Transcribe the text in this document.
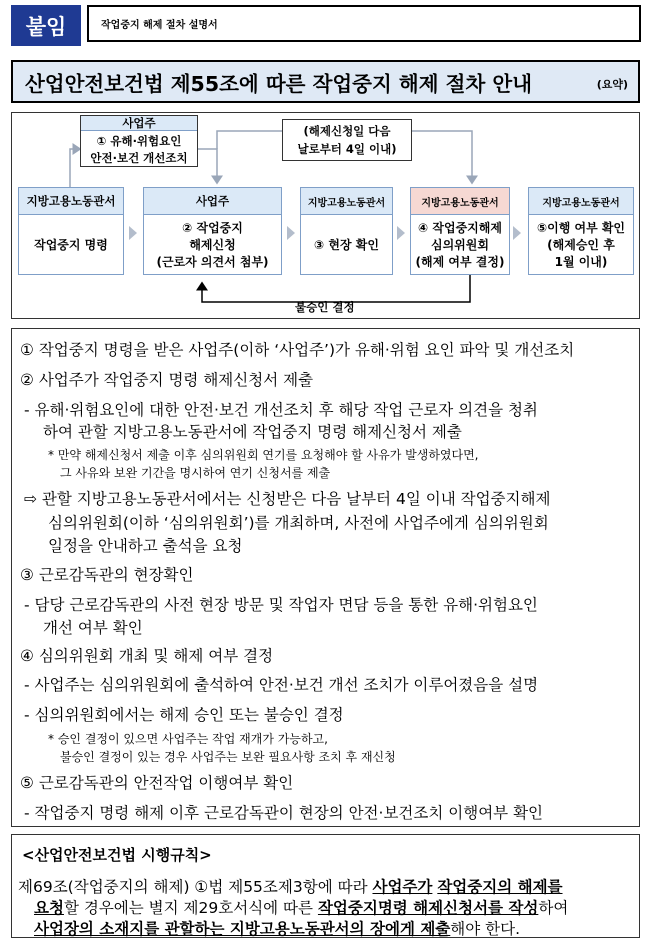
붙임	작업중지 해제 절차 설명서
산업안전보건법 제55조에 따른 작업중지 해제 절차 안내	(요약)
사업주
① 유해·위험요인
안전·보건 개선조치
(해제신청일 다음
날로부터 4일 이내)
지방고용노동관서
작업중지 명령
사업주
② 작업중지
해제신청
(근로자 의견서 첨부)
지방고용노동관서
③ 현장 확인
지방고용노동관서
④ 작업중지해제
심의위원회
(해제 여부 결정)
지방고용노동관서
⑤이행 여부 확인
(해제승인 후
1월 이내)
불승인 결정
① 작업중지 명령을 받은 사업주(이하 ‘사업주’)가 유해·위험 요인 파악 및 개선조치
② 사업주가 작업중지 명령 해제신청서 제출
- 유해·위험요인에 대한 안전·보건 개선조치 후 해당 작업 근로자 의견을 청취
하여 관할 지방고용노동관서에 작업중지 명령 해제신청서 제출
* 만약 해제신청서 제출 이후 심의위원회 연기를 요청해야 할 사유가 발생하였다면,
그 사유와 보완 기간을 명시하여 연기 신청서를 제출
⇨ 관할 지방고용노동관서에서는 신청받은 다음 날부터 4일 이내 작업중지해제
심의위원회(이하 ‘심의위원회’)를 개최하며, 사전에 사업주에게 심의위원회
일정을 안내하고 출석을 요청
③ 근로감독관의 현장확인
- 담당 근로감독관의 사전 현장 방문 및 작업자 면담 등을 통한 유해·위험요인
개선 여부 확인
④ 심의위원회 개최 및 해제 여부 결정
- 사업주는 심의위원회에 출석하여 안전·보건 개선 조치가 이루어졌음을 설명
- 심의위원회에서는 해제 승인 또는 불승인 결정
* 승인 결정이 있으면 사업주는 작업 재개가 가능하고,
불승인 결정이 있는 경우 사업주는 보완 필요사항 조치 후 재신청
⑤ 근로감독관의 안전작업 이행여부 확인
- 작업중지 명령 해제 이후 근로감독관이 현장의 안전·보건조치 이행여부 확인
<산업안전보건법 시행규칙>
제69조(작업중지의 해제) ①법 제55조제3항에 따라 사업주가 작업중지의 해제를
요청할 경우에는 별지 제29호서식에 따른 작업중지명령 해제신청서를 작성하여
사업장의 소재지를 관할하는 지방고용노동관서의 장에게 제출해야 한다.
